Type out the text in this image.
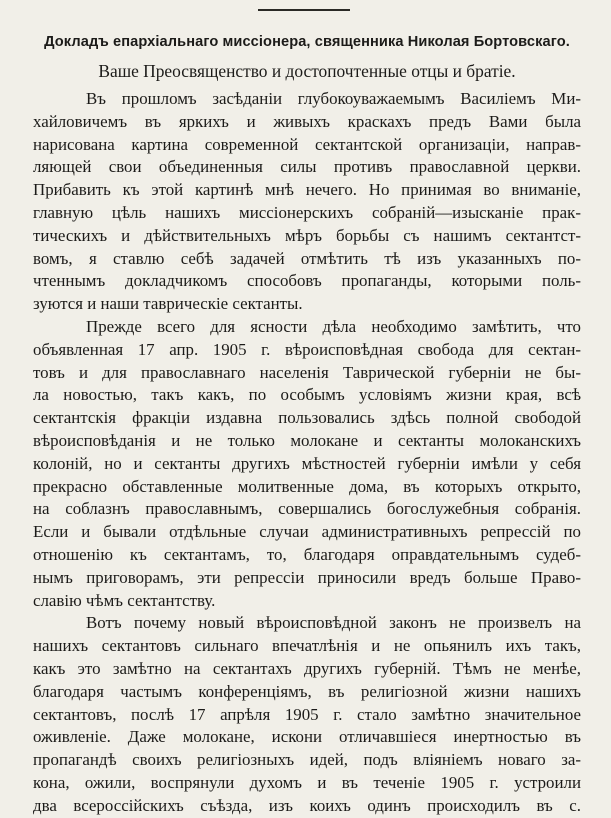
Докладъ епархіальнаго миссіонера, священника Николая Бортовскаго.

Ваше Преосвященство и достопочтенные отцы и братіе.

Въ прошломъ засѣданіи глубокоуважаемымъ Василіемъ Ми-
хайловичемъ въ яркихъ и живыхъ краскахъ предъ Вами была
нарисована картина современной сектантской организаціи, направ-
ляющей свои объединенныя силы противъ православной церкви.
Прибавить къ этой картинѣ мнѣ нечего. Но принимая во вниманіе,
главную цѣль нашихъ миссіонерскихъ собраній—изысканіе прак-
тическихъ и дѣйствительныхъ мѣръ борьбы съ нашимъ сектантст-
вомъ, я ставлю себѣ задачей отмѣтить тѣ изъ указанныхъ по-
чтеннымъ докладчикомъ способовъ пропаганды, которыми поль-
зуются и наши таврическіе сектанты.
Прежде всего для ясности дѣла необходимо замѣтить, что
объявленная 17 апр. 1905 г. вѣроисповѣдная свобода для сектан-
товъ и для православнаго населенія Таврической губерніи не бы-
ла новостью, такъ какъ, по особымъ условіямъ жизни края, всѣ
сектантскія фракціи издавна пользовались здѣсь полной свободой
вѣроисповѣданія и не только молокане и сектанты молоканскихъ
колоній, но и сектанты другихъ мѣстностей губерніи имѣли у себя
прекрасно обставленные молитвенные дома, въ которыхъ открыто,
на соблазнъ православнымъ, совершались богослужебныя собранія.
Если и бывали отдѣльные случаи административныхъ репрессій по
отношенію къ сектантамъ, то, благодаря оправдательнымъ судеб-
нымъ приговорамъ, эти репрессіи приносили вредъ больше Право-
славію чѣмъ сектантству.
Вотъ почему новый вѣроисповѣдной законъ не произвелъ на
нашихъ сектантовъ сильнаго впечатлѣнія и не опьянилъ ихъ такъ,
какъ это замѣтно на сектантахъ другихъ губерній. Тѣмъ не менѣе,
благодаря частымъ конференціямъ, въ религіозной жизни нашихъ
сектантовъ, послѣ 17 апрѣля 1905 г. стало замѣтно значительное
оживленіе. Даже молокане, искони отличавшіеся инертностью въ
пропагандѣ своихъ религіозныхъ идей, подъ вліяніемъ новаго за-
кона, ожили, воспрянули духомъ и въ теченіе 1905 г. устроили
два всероссійскихъ съѣзда, изъ коихъ одинъ происходилъ въ с.
